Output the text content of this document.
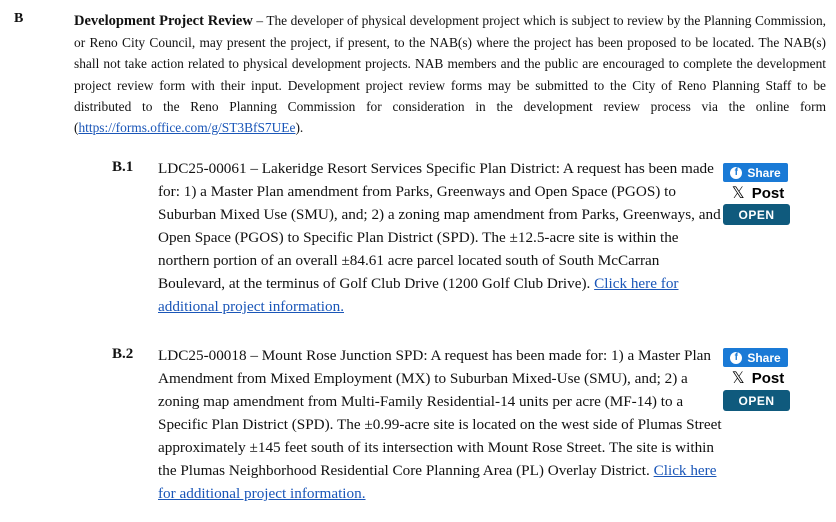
B	Development Project Review – The developer of physical development project which is subject to review by the Planning Commission, or Reno City Council, may present the project, if present, to the NAB(s) where the project has been proposed to be located. The NAB(s) shall not take action related to physical development projects. NAB members and the public are encouraged to complete the development project review form with their input. Development project review forms may be submitted to the City of Reno Planning Staff to be distributed to the Reno Planning Commission for consideration in the development review process via the online form (https://forms.office.com/g/ST3BfS7UEe).
B.1 LDC25-00061 – Lakeridge Resort Services Specific Plan District: A request has been made for: 1) a Master Plan amendment from Parks, Greenways and Open Space (PGOS) to Suburban Mixed Use (SMU), and; 2) a zoning map amendment from Parks, Greenways, and Open Space (PGOS) to Specific Plan District (SPD). The ±12.5-acre site is within the northern portion of an overall ±84.61 acre parcel located south of South McCarran Boulevard, at the terminus of Golf Club Drive (1200 Golf Club Drive). Click here for additional project information.
f Share
𝕏 Post
OPEN
B.2 LDC25-00018 – Mount Rose Junction SPD: A request has been made for: 1) a Master Plan Amendment from Mixed Employment (MX) to Suburban Mixed-Use (SMU), and; 2) a zoning map amendment from Multi-Family Residential-14 units per acre (MF-14) to a Specific Plan District (SPD). The ±0.99-acre site is located on the west side of Plumas Street approximately ±145 feet south of its intersection with Mount Rose Street. The site is within the Plumas Neighborhood Residential Core Planning Area (PL) Overlay District. Click here for additional project information.
f Share
𝕏 Post
OPEN
